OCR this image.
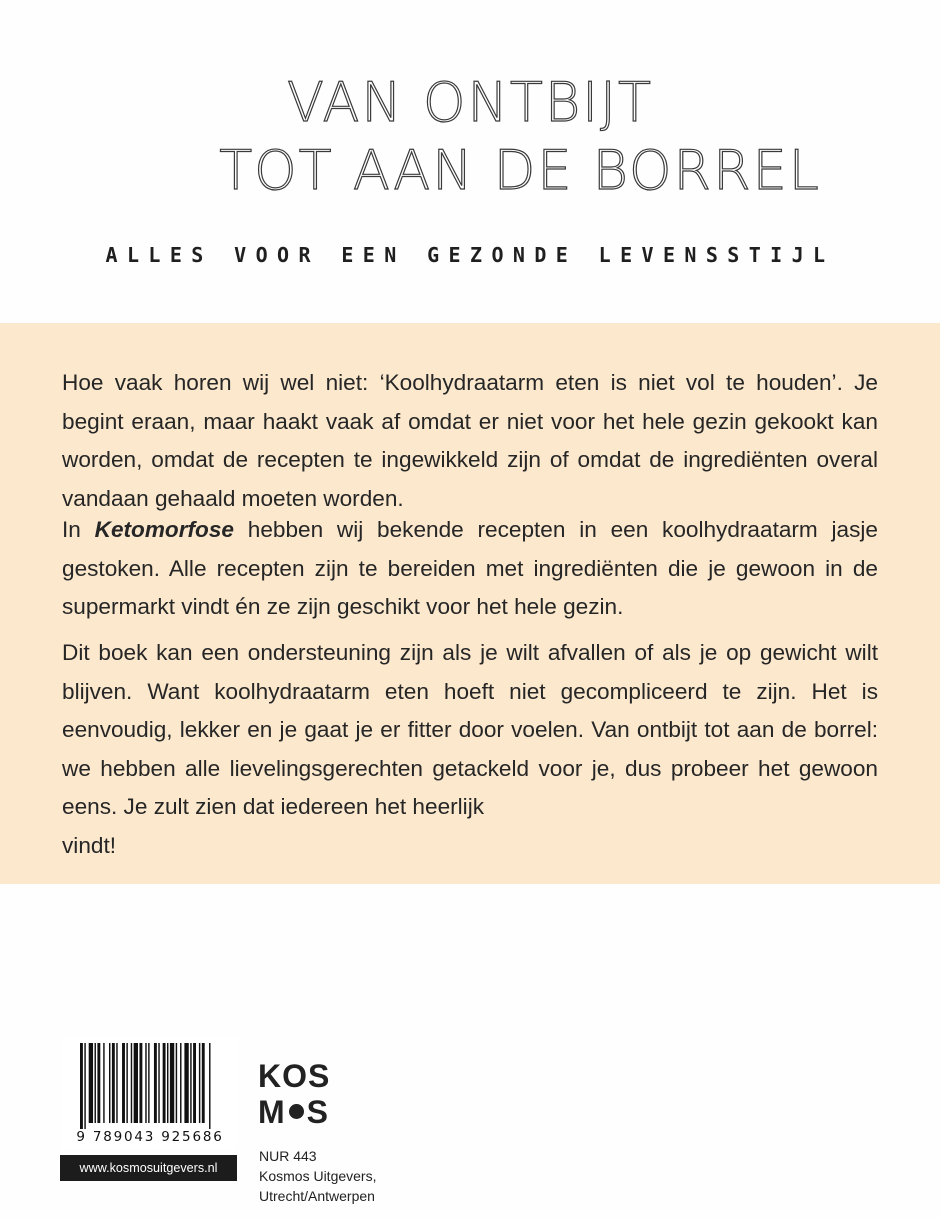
VAN ONTBIJT
TOT AAN DE BORREL
ALLES VOOR EEN GEZONDE LEVENSSTIJL

Hoe vaak horen wij wel niet: ‘Koolhydraatarm eten is niet vol te houden’. Je begint eraan, maar haakt vaak af omdat er niet voor het hele gezin gekookt kan worden, omdat de recepten te ingewikkeld zijn of omdat de ingrediënten overal vandaan gehaald moeten worden.

In Ketomorfose hebben wij bekende recepten in een koolhydraatarm jasje gestoken. Alle recepten zijn te bereiden met ingrediënten die je gewoon in de supermarkt vindt én ze zijn geschikt voor het hele gezin.

Dit boek kan een ondersteuning zijn als je wilt afvallen of als je op gewicht wilt blijven. Want koolhydraatarm eten hoeft niet gecompliceerd te zijn. Het is eenvoudig, lekker en je gaat je er fitter door voelen. Van ontbijt tot aan de borrel: we hebben alle lievelingsgerechten getackeld voor je, dus probeer het gewoon eens. Je zult zien dat iedereen het heerlijk
vindt!

9 789043 925686
www.kosmosuitgevers.nl
KOS
M S
NUR 443
Kosmos Uitgevers,
Utrecht/Antwerpen
